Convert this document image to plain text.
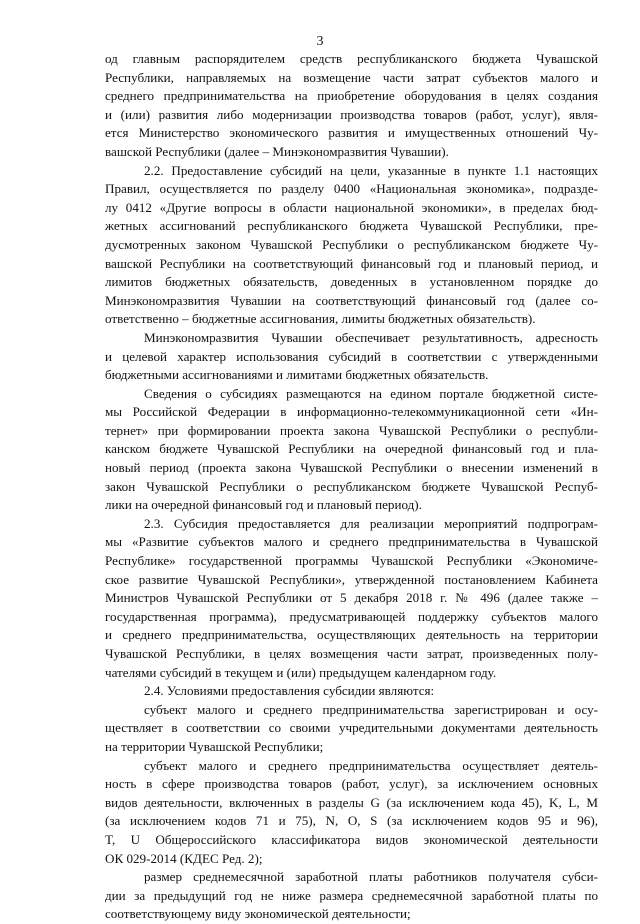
3
од главным распорядителем средств республиканского бюджета Чувашской
Республики, направляемых на возмещение части затрат субъектов малого и
среднего предпринимательства на приобретение оборудования в целях создания
и (или) развития либо модернизации производства товаров (работ, услуг), явля-
ется Министерство экономического развития и имущественных отношений Чу-
вашской Республики (далее – Минэкономразвития Чувашии).
2.2. Предоставление субсидий на цели, указанные в пункте 1.1 настоящих
Правил, осуществляется по разделу 0400 «Национальная экономика», подразде-
лу 0412 «Другие вопросы в области национальной экономики», в пределах бюд-
жетных ассигнований республиканского бюджета Чувашской Республики, пре-
дусмотренных законом Чувашской Республики о республиканском бюджете Чу-
вашской Республики на соответствующий финансовый год и плановый период, и
лимитов бюджетных обязательств, доведенных в установленном порядке до
Минэкономразвития Чувашии на соответствующий финансовый год (далее со-
ответственно – бюджетные ассигнования, лимиты бюджетных обязательств).
Минэкономразвития Чувашии обеспечивает результативность, адресность
и целевой характер использования субсидий в соответствии с утвержденными
бюджетными ассигнованиями и лимитами бюджетных обязательств.
Сведения о субсидиях размещаются на едином портале бюджетной систе-
мы Российской Федерации в информационно-телекоммуникационной сети «Ин-
тернет» при формировании проекта закона Чувашской Республики о республи-
канском бюджете Чувашской Республики на очередной финансовый год и пла-
новый период (проекта закона Чувашской Республики о внесении изменений в
закон Чувашской Республики о республиканском бюджете Чувашской Респуб-
лики на очередной финансовый год и плановый период).
2.3. Субсидия предоставляется для реализации мероприятий подпрограм-
мы «Развитие субъектов малого и среднего предпринимательства в Чувашской
Республике» государственной программы Чувашской Республики «Экономиче-
ское развитие Чувашской Республики», утвержденной постановлением Кабинета
Министров Чувашской Республики от 5 декабря 2018 г. № 496 (далее также –
государственная программа), предусматривающей поддержку субъектов малого
и среднего предпринимательства, осуществляющих деятельность на территории
Чувашской Республики, в целях возмещения части затрат, произведенных полу-
чателями субсидий в текущем и (или) предыдущем календарном году.
2.4. Условиями предоставления субсидии являются:
субъект малого и среднего предпринимательства зарегистрирован и осу-
ществляет в соответствии со своими учредительными документами деятельность
на территории Чувашской Республики;
субъект малого и среднего предпринимательства осуществляет деятель-
ность в сфере производства товаров (работ, услуг), за исключением основных
видов деятельности, включенных в разделы G (за исключением кода 45), K, L, M
(за исключением кодов 71 и 75), N, O, S (за исключением кодов 95 и 96),
T, U Общероссийского классификатора видов экономической деятельности
ОК 029-2014 (КДЕС Ред. 2);
размер среднемесячной заработной платы работников получателя субси-
дии за предыдущий год не ниже размера среднемесячной заработной платы по
соответствующему виду экономической деятельности;
